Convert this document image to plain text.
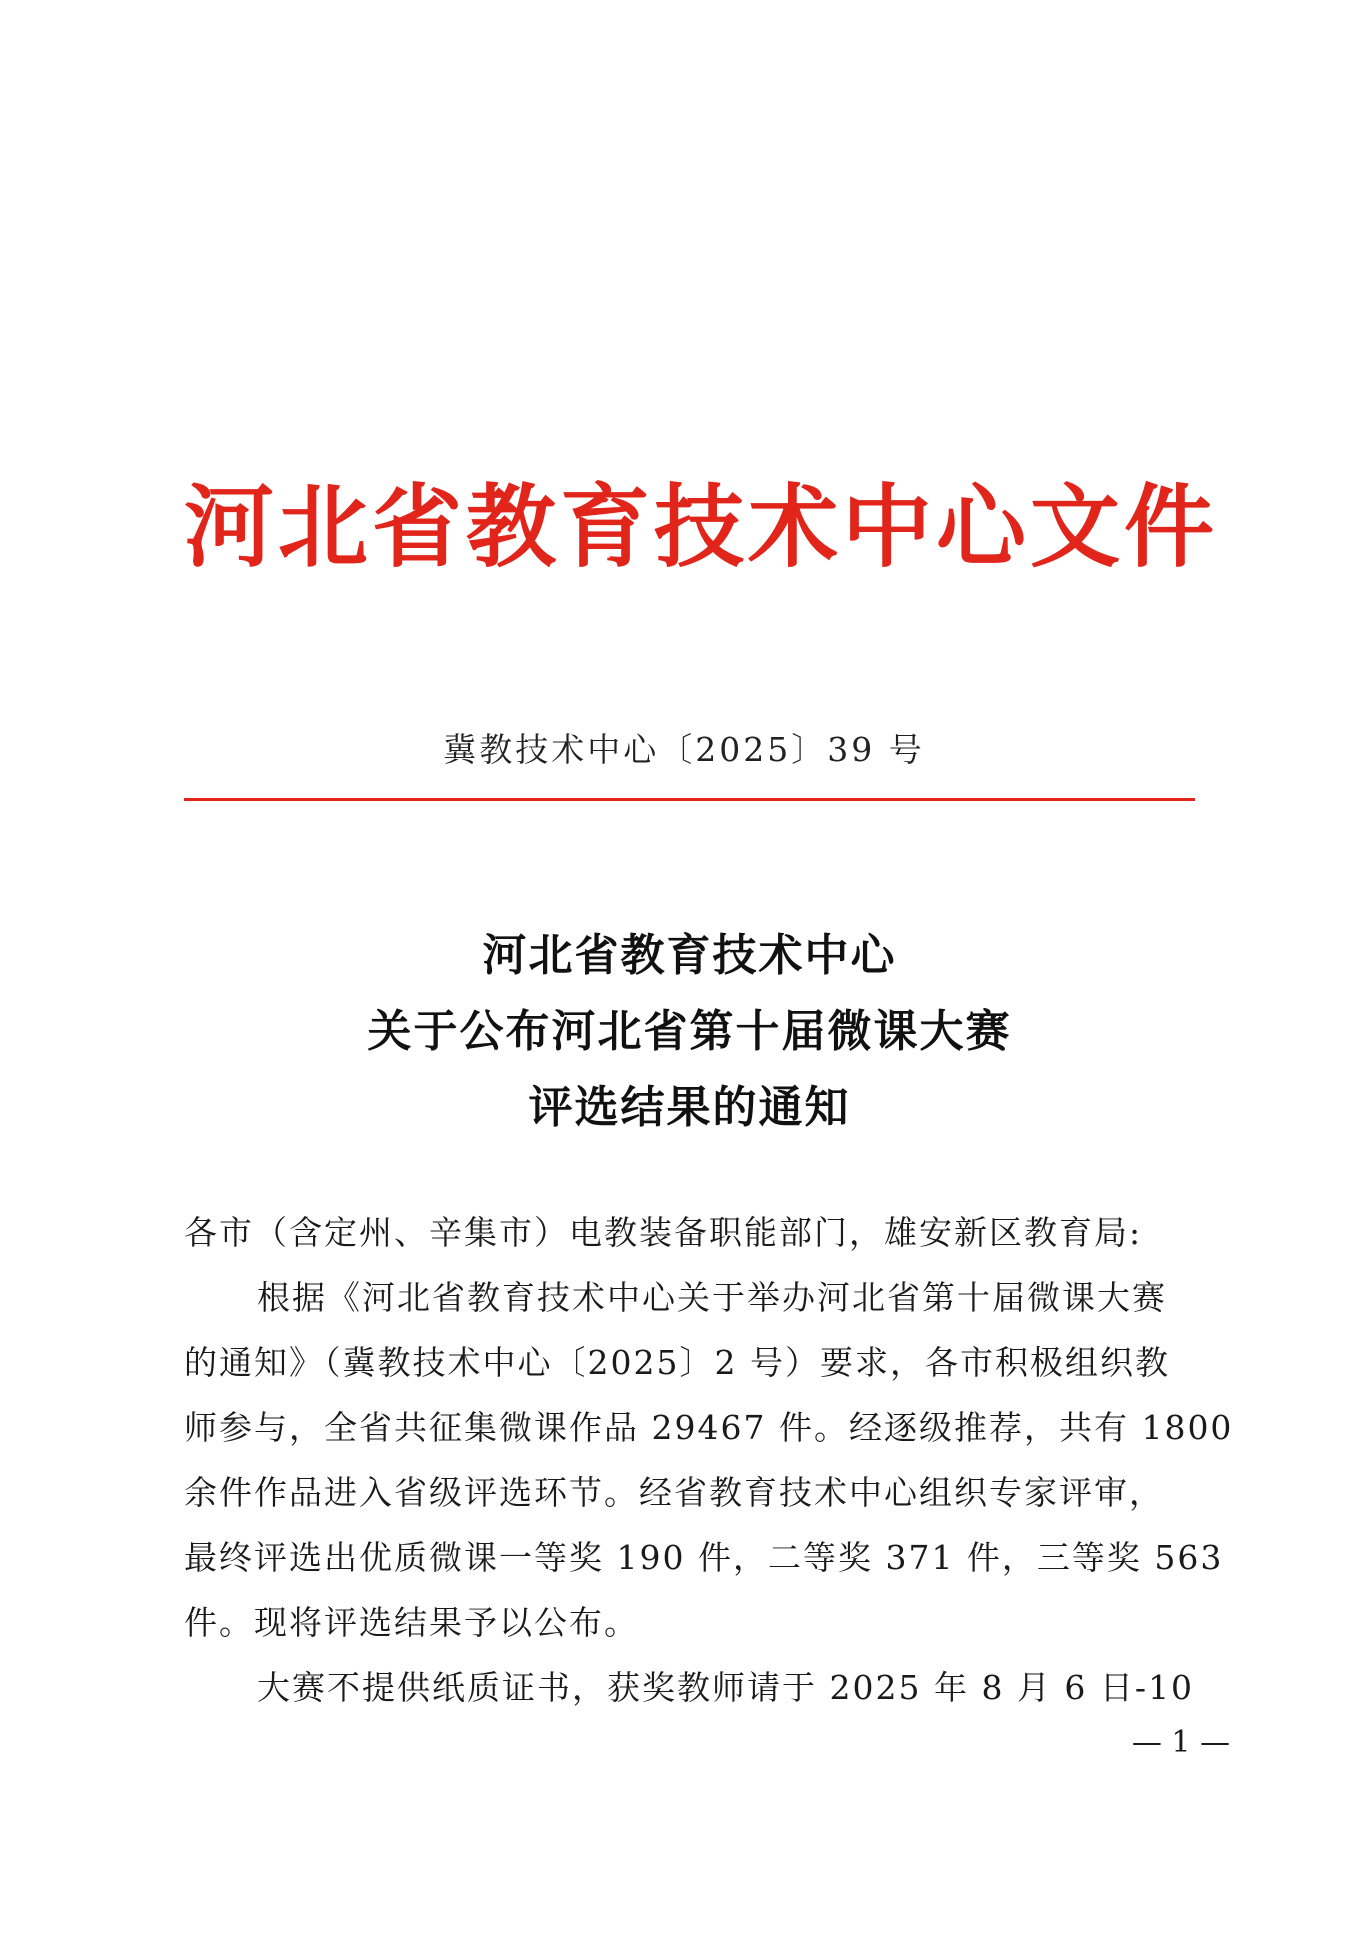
河北省教育技术中心文件
冀教技术中心〔2025〕39 号
河北省教育技术中心
关于公布河北省第十届微课大赛
评选结果的通知
各市（含定州、辛集市）电教装备职能部门，雄安新区教育局:
根据《河北省教育技术中心关于举办河北省第十届微课大赛
的通知》（冀教技术中心〔2025〕2 号）要求，各市积极组织教
师参与，全省共征集微课作品 29467 件。经逐级推荐，共有 1800
余件作品进入省级评选环节。经省教育技术中心组织专家评审，
最终评选出优质微课一等奖 190 件，二等奖 371 件，三等奖 563
件。现将评选结果予以公布。
大赛不提供纸质证书，获奖教师请于 2025 年 8 月 6 日-10
— 1 —
